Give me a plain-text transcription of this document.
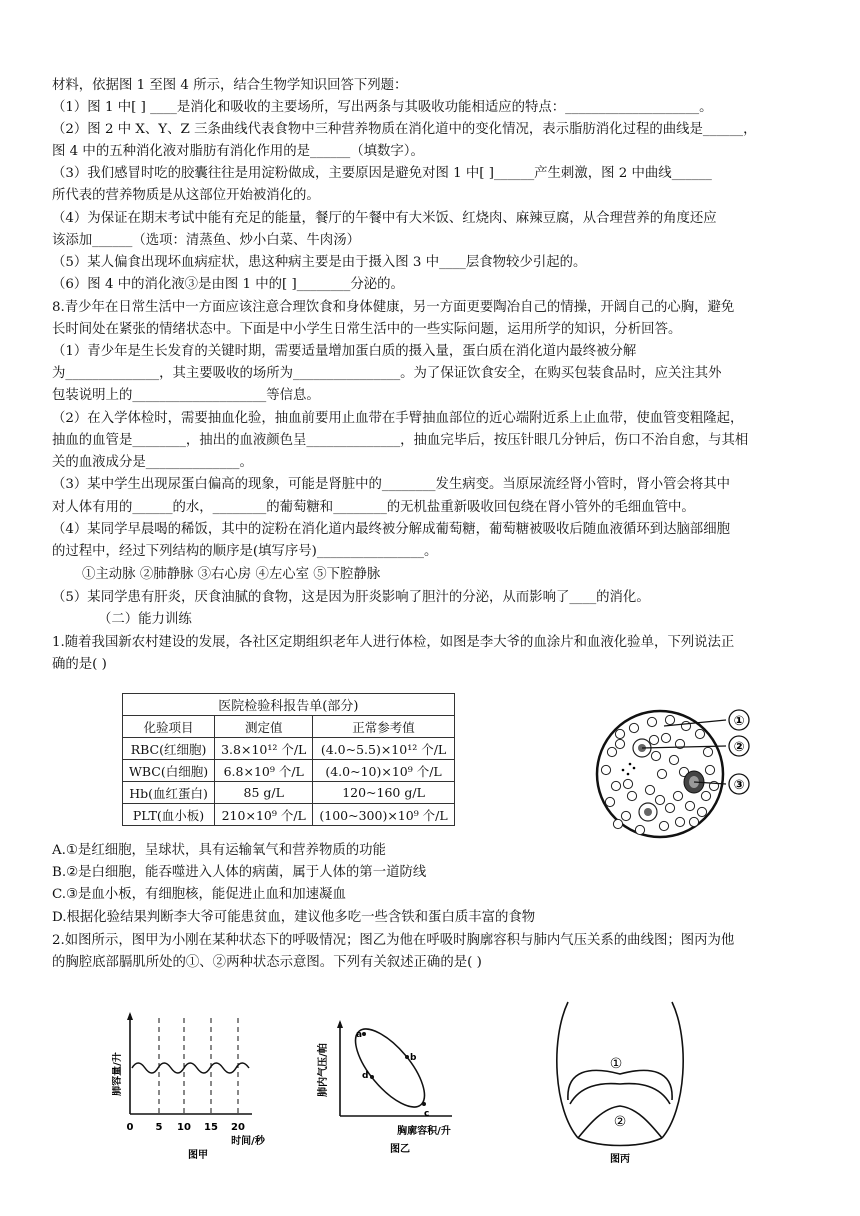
材料，依据图 1 至图 4 所示，结合生物学知识回答下列题：
（1）图 1 中[ ] ____是消化和吸收的主要场所，写出两条与其吸收功能相适应的特点：____________________。
（2）图 2 中 X、Y、Z 三条曲线代表食物中三种营养物质在消化道中的变化情况，表示脂肪消化过程的曲线是______，
图 4 中的五种消化液对脂肪有消化作用的是______（填数字）。
（3）我们感冒时吃的胶囊往往是用淀粉做成，主要原因是避免对图 1 中[ ]______产生刺激，图 2 中曲线______
所代表的营养物质是从这部位开始被消化的。
（4）为保证在期末考试中能有充足的能量，餐厅的午餐中有大米饭、红烧肉、麻辣豆腐，从合理营养的角度还应
该添加______（选项：清蒸鱼、炒小白菜、牛肉汤）
（5）某人偏食出现坏血病症状，患这种病主要是由于摄入图 3 中____层食物较少引起的。
（6）图 4 中的消化液③是由图 1 中的[ ]________分泌的。
8.青少年在日常生活中一方面应该注意合理饮食和身体健康，另一方面更要陶冶自己的情操，开阔自己的心胸，避免
长时间处在紧张的情绪状态中。下面是中小学生日常生活中的一些实际问题，运用所学的知识，分析回答。
（1）青少年是生长发育的关键时期，需要适量增加蛋白质的摄入量，蛋白质在消化道内最终被分解
为______________，其主要吸收的场所为________________。为了保证饮食安全，在购买包装食品时，应关注其外
包装说明上的____________________等信息。
（2）在入学体检时，需要抽血化验，抽血前要用止血带在手臂抽血部位的近心端附近系上止血带，使血管变粗隆起，
抽血的血管是________，抽出的血液颜色呈______________，抽血完毕后，按压针眼几分钟后，伤口不治自愈，与其相
关的血液成分是______________。
（3）某中学生出现尿蛋白偏高的现象，可能是肾脏中的________发生病变。当原尿流经肾小管时，肾小管会将其中
对人体有用的______的水，________的葡萄糖和________的无机盐重新吸收回包绕在肾小管外的毛细血管中。
（4）某同学早晨喝的稀饭，其中的淀粉在消化道内最终被分解成葡萄糖，葡萄糖被吸收后随血液循环到达脑部细胞
的过程中，经过下列结构的顺序是(填写序号)________________。
①主动脉 ②肺静脉 ③右心房 ④左心室 ⑤下腔静脉
（5）某同学患有肝炎，厌食油腻的食物，这是因为肝炎影响了胆汁的分泌，从而影响了____的消化。
（二）能力训练
1.随着我国新农村建设的发展，各社区定期组织老年人进行体检，如图是李大爷的血涂片和血液化验单，下列说法正
确的是( )
医院检验科报告单(部分)		
化验项目	测定值	正常参考值
RBC(红细胞)	3.8×10¹² 个/L	(4.0~5.5)×10¹² 个/L
WBC(白细胞)	6.8×10⁹ 个/L	(4.0~10)×10⁹ 个/L
Hb(血红蛋白)	85 g/L	120~160 g/L
PLT(血小板)	210×10⁹ 个/L	(100~300)×10⁹ 个/L
①
②
③
A.①是红细胞，呈球状，具有运输氧气和营养物质的功能
B.②是白细胞，能吞噬进入人体的病菌，属于人体的第一道防线
C.③是血小板，有细胞核，能促进止血和加速凝血
D.根据化验结果判断李大爷可能患贫血，建议他多吃一些含铁和蛋白质丰富的食物
2.如图所示，图甲为小刚在某种状态下的呼吸情况；图乙为他在呼吸时胸廓容积与肺内气压关系的曲线图；图丙为他
的胸腔底部膈肌所处的①、②两种状态示意图。下列有关叙述正确的是( )
肺容量/升
0 5 10 15 20
时间/秒
图甲
a
b
c
d
肺内气压/帕
胸廓容积/升
图乙
①
②
图丙
